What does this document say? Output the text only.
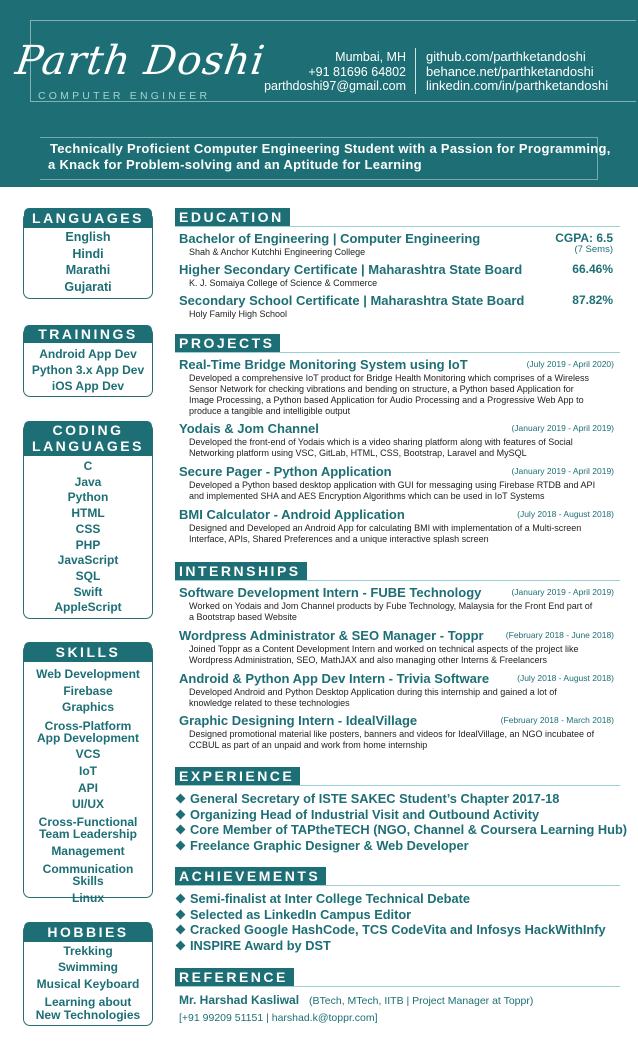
Parth Doshi
COMPUTER ENGINEER
Mumbai, MH
+91 81696 64802
parthdoshi97@gmail.com
github.com/parthketandoshi
behance.net/parthketandoshi
linkedin.com/in/parthketandoshi
Technically Proficient Computer Engineering Student with a Passion for Programming,
a Knack for Problem-solving and an Aptitude for Learning
LANGUAGES
English
Hindi
Marathi
Gujarati
TRAININGS
Android App Dev
Python 3.x App Dev
iOS App Dev
CODING
LANGUAGES
C
Java
Python
HTML
CSS
PHP
JavaScript
SQL
Swift
AppleScript
SKILLS
Web Development
Firebase
Graphics
Cross-Platform
App Development
VCS
IoT
API
UI/UX
Cross-Functional
Team Leadership
Management
Communication
Skills
Linux
HOBBIES
Trekking
Swimming
Musical Keyboard
Learning about
New Technologies
EDUCATION
Bachelor of Engineering | Computer Engineering
Shah & Anchor Kutchhi Engineering College
CGPA: 6.5
(7 Sems)
Higher Secondary Certificate | Maharashtra State Board
K. J. Somaiya College of Science & Commerce
66.46%
Secondary School Certificate | Maharashtra State Board
Holy Family High School
87.82%
PROJECTS
Real-Time Bridge Monitoring System using IoT	(July 2019 - April 2020)
Developed a comprehensive IoT product for Bridge Health Monitoring which comprises of a Wireless Sensor Network for checking vibrations and bending on structure, a Python based Application for Image Processing, a Python based Application for Audio Processing and a Progressive Web App to produce a tangible and intelligible output
Yodais & Jom Channel	(January 2019 - April 2019)
Developed the front-end of Yodais which is a video sharing platform along with features of Social Networking platform using VSC, GitLab, HTML, CSS, Bootstrap, Laravel and MySQL
Secure Pager - Python Application	(January 2019 - April 2019)
Developed a Python based desktop application with GUI for messaging using Firebase RTDB and API and implemented SHA and AES Encryption Algorithms which can be used in IoT Systems
BMI Calculator - Android Application	(July 2018 - August 2018)
Designed and Developed an Android App for calculating BMI with implementation of a Multi-screen Interface, APIs, Shared Preferences and a unique interactive splash screen
INTERNSHIPS
Software Development Intern - FUBE Technology	(January 2019 - April 2019)
Worked on Yodais and Jom Channel products by Fube Technology, Malaysia for the Front End part of a Bootstrap based Website
Wordpress Administrator & SEO Manager - Toppr	(February 2018 - June 2018)
Joined Toppr as a Content Development Intern and worked on technical aspects of the project like Wordpress Administration, SEO, MathJAX and also managing other Interns & Freelancers
Android & Python App Dev Intern - Trivia Software	(July 2018 - August 2018)
Developed Android and Python Desktop Application during this internship and gained a lot of knowledge related to these technologies
Graphic Designing Intern - IdealVillage	(February 2018 - March 2018)
Designed promotional material like posters, banners and videos for IdealVillage, an NGO incubatee of CCBUL as part of an unpaid and work from home internship
EXPERIENCE
General Secretary of ISTE SAKEC Student’s Chapter 2017-18
Organizing Head of Industrial Visit and Outbound Activity
Core Member of TAPtheTECH (NGO, Channel & Coursera Learning Hub)
Freelance Graphic Designer & Web Developer
ACHIEVEMENTS
Semi-finalist at Inter College Technical Debate
Selected as LinkedIn Campus Editor
Cracked Google HashCode, TCS CodeVita and Infosys HackWithInfy
INSPIRE Award by DST
REFERENCE
Mr. Harshad Kasliwal (BTech, MTech, IITB | Project Manager at Toppr)
[+91 99209 51151 | harshad.k@toppr.com]
